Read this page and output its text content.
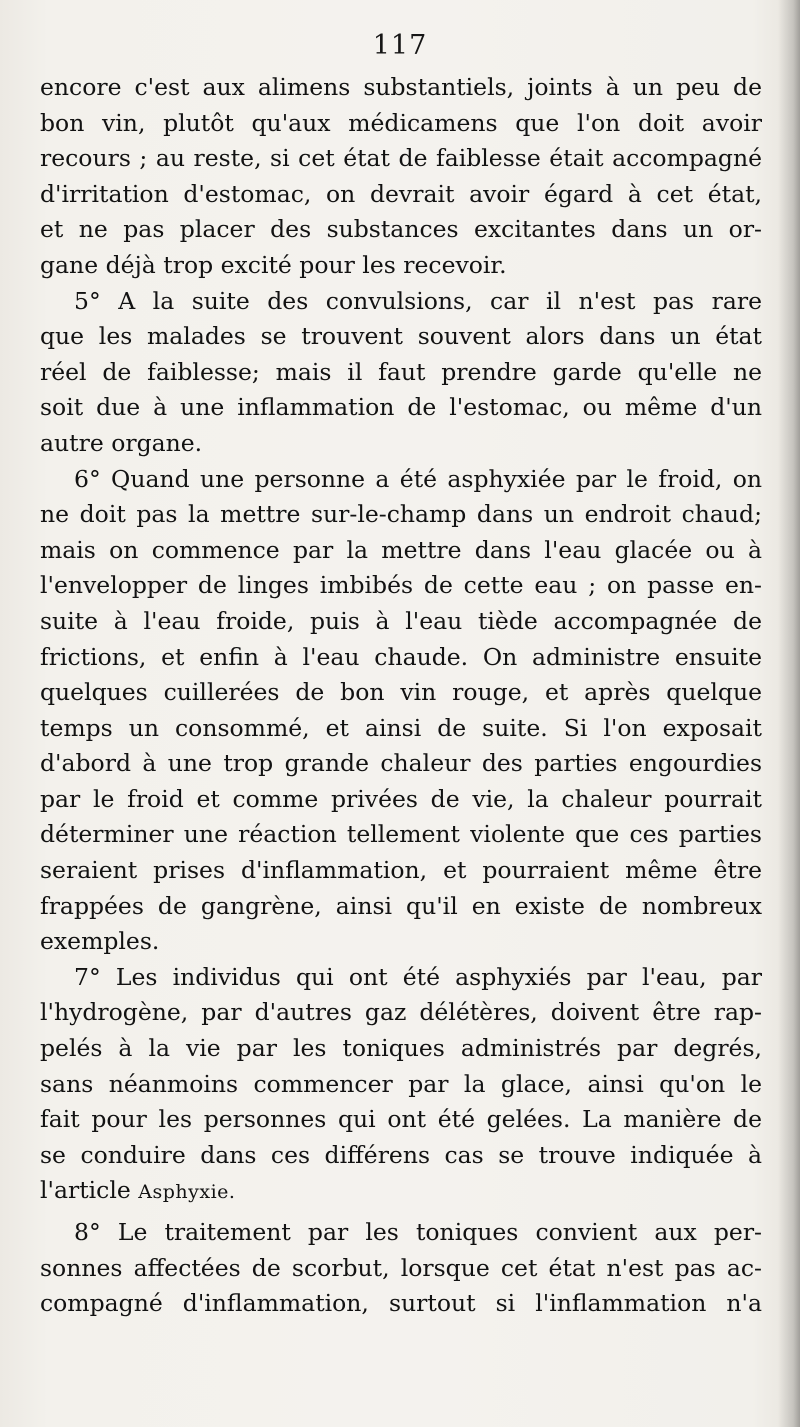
117
encore c'est aux alimens substantiels, joints à un peu de
bon vin, plutôt qu'aux médicamens que l'on doit avoir
recours ; au reste, si cet état de faiblesse était accompagné
d'irritation d'estomac, on devrait avoir égard à cet état,
et ne pas placer des substances excitantes dans un or-
gane déjà trop excité pour les recevoir.
5° A la suite des convulsions, car il n'est pas rare
que les malades se trouvent souvent alors dans un état
réel de faiblesse; mais il faut prendre garde qu'elle ne
soit due à une inflammation de l'estomac, ou même d'un
autre organe.
6° Quand une personne a été asphyxiée par le froid, on
ne doit pas la mettre sur-le-champ dans un endroit chaud;
mais on commence par la mettre dans l'eau glacée ou à
l'envelopper de linges imbibés de cette eau ; on passe en-
suite à l'eau froide, puis à l'eau tiède accompagnée de
frictions, et enfin à l'eau chaude. On administre ensuite
quelques cuillerées de bon vin rouge, et après quelque
temps un consommé, et ainsi de suite. Si l'on exposait
d'abord à une trop grande chaleur des parties engourdies
par le froid et comme privées de vie, la chaleur pourrait
déterminer une réaction tellement violente que ces parties
seraient prises d'inflammation, et pourraient même être
frappées de gangrène, ainsi qu'il en existe de nombreux
exemples.
7° Les individus qui ont été asphyxiés par l'eau, par
l'hydrogène, par d'autres gaz délétères, doivent être rap-
pelés à la vie par les toniques administrés par degrés,
sans néanmoins commencer par la glace, ainsi qu'on le
fait pour les personnes qui ont été gelées. La manière de
se conduire dans ces différens cas se trouve indiquée à
l'article Asphyxie.
8° Le traitement par les toniques convient aux per-
sonnes affectées de scorbut, lorsque cet état n'est pas ac-
compagné d'inflammation, surtout si l'inflammation n'a
